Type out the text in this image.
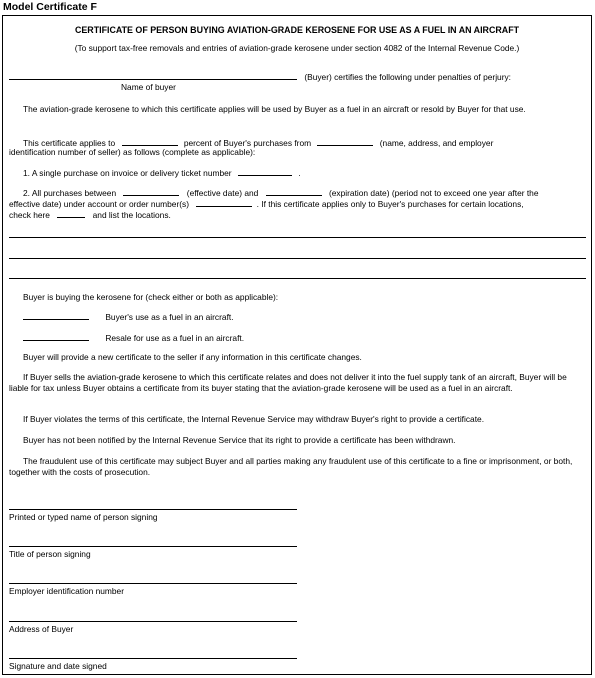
Model Certificate F
CERTIFICATE OF PERSON BUYING AVIATION-GRADE KEROSENE FOR USE AS A FUEL IN AN AIRCRAFT
(To support tax-free removals and entries of aviation-grade kerosene under section 4082 of the Internal Revenue Code.)
(Buyer) certifies the following under penalties of perjury:
Name of buyer
The aviation-grade kerosene to which this certificate applies will be used by Buyer as a fuel in an aircraft or resold by Buyer for that use.
This certificate applies to	percent of Buyer's purchases from	(name, address, and employer
identification number of seller) as follows (complete as applicable):
1. A single purchase on invoice or delivery ticket number	.
2. All purchases between	(effective date) and	(expiration date) (period not to exceed one year after the
effective date) under account or order number(s)	. If this certificate applies only to Buyer's purchases for certain locations,
check here	and list the locations.
Buyer is buying the kerosene for (check either or both as applicable):
Buyer's use as a fuel in an aircraft.
Resale for use as a fuel in an aircraft.
Buyer will provide a new certificate to the seller if any information in this certificate changes.
If Buyer sells the aviation-grade kerosene to which this certificate relates and does not deliver it into the fuel supply tank of an aircraft, Buyer will be liable for tax unless Buyer obtains a certificate from its buyer stating that the aviation-grade kerosene will be used as a fuel in an aircraft.
If Buyer violates the terms of this certificate, the Internal Revenue Service may withdraw Buyer's right to provide a certificate.
Buyer has not been notified by the Internal Revenue Service that its right to provide a certificate has been withdrawn.
The fraudulent use of this certificate may subject Buyer and all parties making any fraudulent use of this certificate to a fine or imprisonment, or both, together with the costs of prosecution.
Printed or typed name of person signing
Title of person signing
Employer identification number
Address of Buyer
Signature and date signed
